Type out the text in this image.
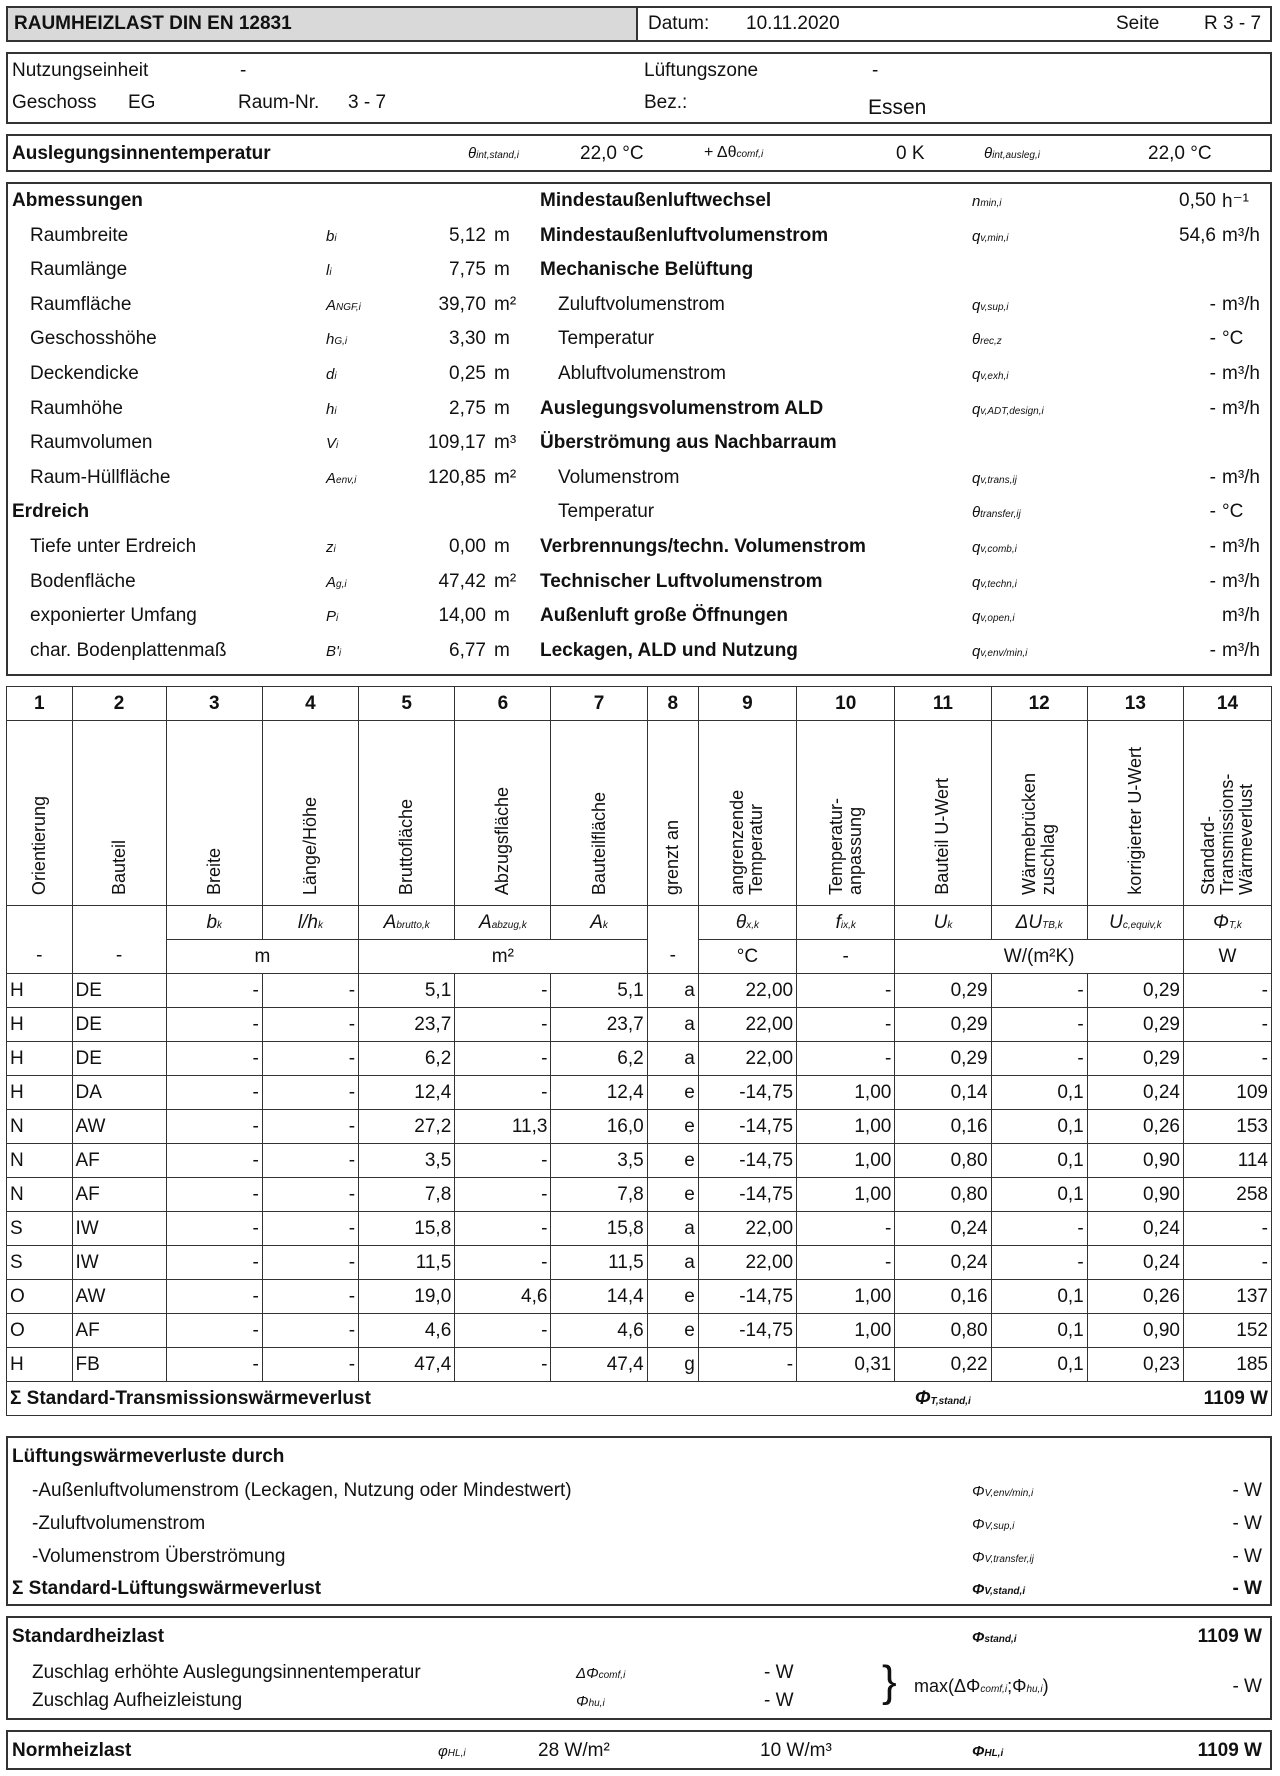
RAUMHEIZLAST DIN EN 12831	Datum: 10.11.2020	Seite R 3 - 7
Nutzungseinheit	-	Lüftungszone	-
Geschoss EG	Raum-Nr. 3 - 7	Bez.:	Essen
Auslegungsinnentemperatur	θint,stand,i	22,0 °C	+ Δθcomf,i	0 K	θint,ausleg,i	22,0 °C
Abmessungen
Raumbreite	bi	5,12 m
Raumlänge	li	7,75 m
Raumfläche	ANGF,i	39,70 m²
Geschosshöhe	hG,i	3,30 m
Deckendicke	di	0,25 m
Raumhöhe	hi	2,75 m
Raumvolumen	Vi	109,17 m³
Raum-Hüllfläche	Aenv,i	120,85 m²
Erdreich
Tiefe unter Erdreich	zi	0,00 m
Bodenfläche	Ag,i	47,42 m²
exponierter Umfang	Pi	14,00 m
char. Bodenplattenmaß	B'i	6,77 m
Mindestaußenluftwechsel	nmin,i	0,50 h⁻¹
Mindestaußenluftvolumenstrom	qv,min,i	54,6 m³/h
Mechanische Belüftung
Zuluftvolumenstrom	qv,sup,i	- m³/h
Temperatur	θrec,z	- °C
Abluftvolumenstrom	qv,exh,i	- m³/h
Auslegungsvolumenstrom ALD	qv,ADT,design,i	- m³/h
Überströmung aus Nachbarraum
Volumenstrom	qv,trans,ij	- m³/h
Temperatur	θtransfer,ij	- °C
Verbrennungs/techn. Volumenstrom	qv,comb,i	- m³/h
Technischer Luftvolumenstrom	qv,techn,i	- m³/h
Außenluft große Öffnungen	qv,open,i	m³/h
Leckagen, ALD und Nutzung	qv,env/min,i	- m³/h
1	2	3	4	5	6	7	8	9	10	11	12	13	14
Orientierung	Bauteil	Breite	Länge/Höhe	Bruttofläche	Abzugsfläche	Bauteilfläche	grenzt an	angrenzende Temperatur	Temperatur-anpassung	Bauteil U-Wert	Wärmebrücken zuschlag	korrigierter U-Wert	Standard-Transmissions-Wärmeverlust
		bk	l/hk	Abrutto,k	Aabzug,k	Ak		θx,k	fix,k	Uk	ΔUTB,k	Uc,equiv,k	ΦT,k
-	-	m		m²			-	°C	-	W/(m²K)			W
H	DE	-	-	5,1	-	5,1	a	22,00	-	0,29	-	0,29	-
H	DE	-	-	23,7	-	23,7	a	22,00	-	0,29	-	0,29	-
H	DE	-	-	6,2	-	6,2	a	22,00	-	0,29	-	0,29	-
H	DA	-	-	12,4	-	12,4	e	-14,75	1,00	0,14	0,1	0,24	109
N	AW	-	-	27,2	11,3	16,0	e	-14,75	1,00	0,16	0,1	0,26	153
N	AF	-	-	3,5	-	3,5	e	-14,75	1,00	0,80	0,1	0,90	114
N	AF	-	-	7,8	-	7,8	e	-14,75	1,00	0,80	0,1	0,90	258
S	IW	-	-	15,8	-	15,8	a	22,00	-	0,24	-	0,24	-
S	IW	-	-	11,5	-	11,5	a	22,00	-	0,24	-	0,24	-
O	AW	-	-	19,0	4,6	14,4	e	-14,75	1,00	0,16	0,1	0,26	137
O	AF	-	-	4,6	-	4,6	e	-14,75	1,00	0,80	0,1	0,90	152
H	FB	-	-	47,4	-	47,4	g	-	0,31	0,22	0,1	0,23	185
Σ Standard-Transmissionswärmeverlust										ΦT,stand,i			1109 W
Lüftungswärmeverluste durch
-Außenluftvolumenstrom (Leckagen, Nutzung oder Mindestwert)	ΦV,env/min,i	- W
-Zuluftvolumenstrom	ΦV,sup,i	- W
-Volumenstrom Überströmung	ΦV,transfer,ij	- W
Σ Standard-Lüftungswärmeverlust	ΦV,stand,i	- W
Standardheizlast	Φstand,i	1109 W
Zuschlag erhöhte Auslegungsinnentemperatur	ΔΦcomf,i	- W
Zuschlag Aufheizleistung	Φhu,i	- W } max(ΔΦcomf,i;Φhu,i)	- W
Normheizlast	φHL,i	28 W/m²	10 W/m³	ΦHL,i	1109 W
